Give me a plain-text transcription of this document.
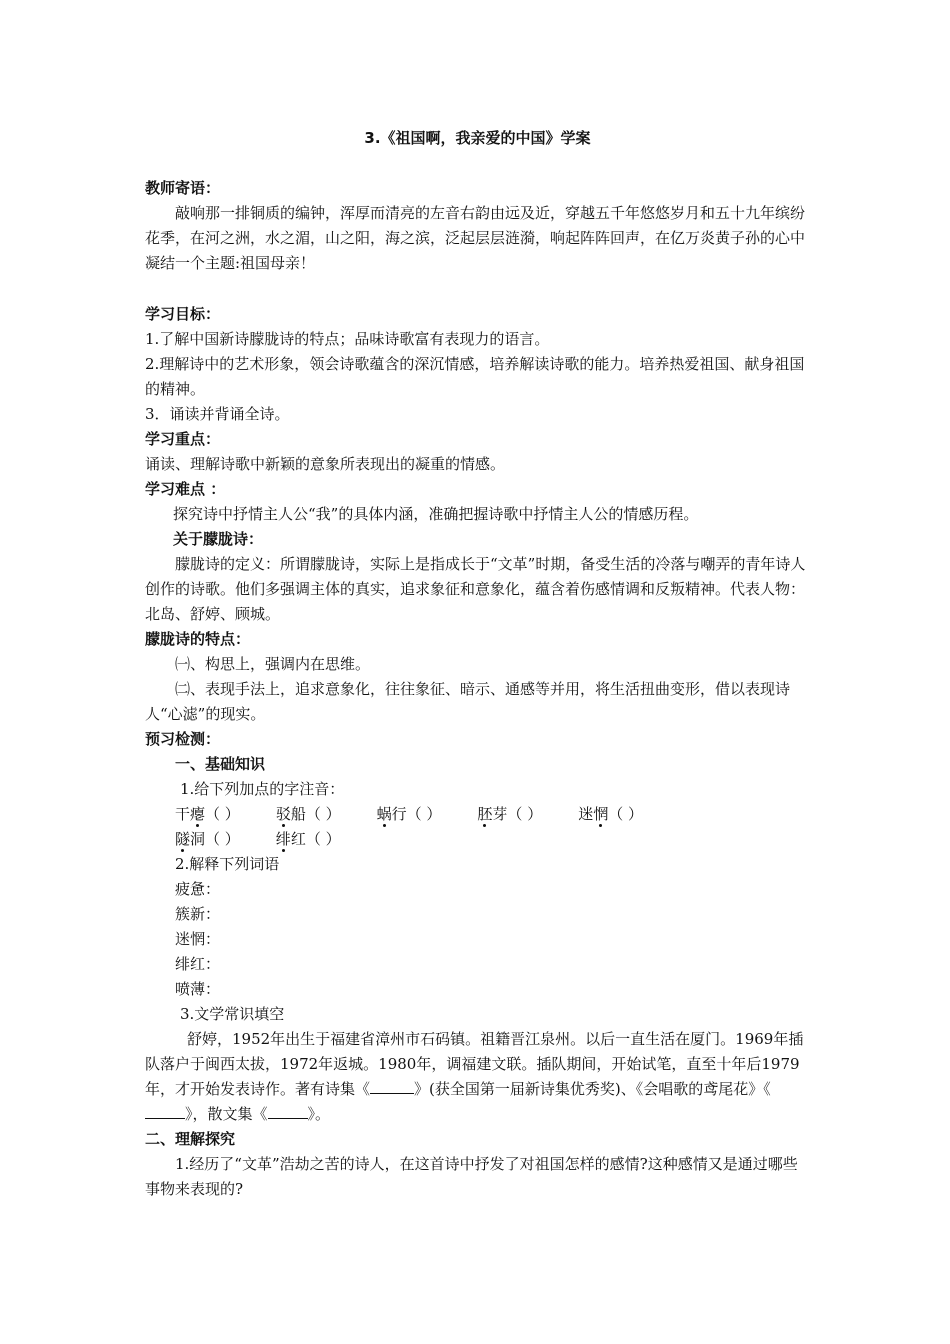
3.《祖国啊，我亲爱的中国》学案

教师寄语：

敲响那一排铜质的编钟，浑厚而清亮的左音右韵由远及近，穿越五千年悠悠岁月和五十九年缤纷花季，在河之洲，水之湄，山之阳，海之滨，泛起层层涟漪，响起阵阵回声，在亿万炎黄子孙的心中凝结一个主题:祖国母亲！

学习目标：

1.了解中国新诗朦胧诗的特点；品味诗歌富有表现力的语言。

2.理解诗中的艺术形象，领会诗歌蕴含的深沉情感，培养解读诗歌的能力。培养热爱祖国、献身祖国的精神。

3．诵读并背诵全诗。

学习重点：

诵读、理解诗歌中新颖的意象所表现出的凝重的情感。

学习难点 ：

探究诗中抒情主人公“我”的具体内涵，准确把握诗歌中抒情主人公的情感历程。

关于朦胧诗：

朦胧诗的定义：所谓朦胧诗，实际上是指成长于“文革”时期，备受生活的冷落与嘲弄的青年诗人创作的诗歌。他们多强调主体的真实，追求象征和意象化，蕴含着伤感情调和反叛精神。代表人物：北岛、舒婷、顾城。

朦胧诗的特点：

㈠、构思上，强调内在思维。

㈡、表现手法上，追求意象化，往往象征、暗示、通感等并用，将生活扭曲变形，借以表现诗人“心滤”的现实。

预习检测：

一、基础知识

1.给下列加点的字注音：

干瘪（ ） 驳船（ ） 蜗行（ ） 胚芽（ ） 迷惘（ ）
隧洞（ ） 绯红（ ）

2.解释下列词语

疲惫：

簇新：

迷惘：

绯红：

喷薄：

3.文学常识填空

舒婷，1952年出生于福建省漳州市石码镇。祖籍晋江泉州。以后一直生活在厦门。1969年插队落户于闽西太拔，1972年返城。1980年，调福建文联。插队期间，开始试笔，直至十年后1979年，才开始发表诗作。著有诗集《	》(获全国第一届新诗集优秀奖)、《会唱歌的鸢尾花》《》，散文集《	》。

二、理解探究

1.经历了“文革”浩劫之苦的诗人，在这首诗中抒发了对祖国怎样的感情?这种感情又是通过哪些事物来表现的?
